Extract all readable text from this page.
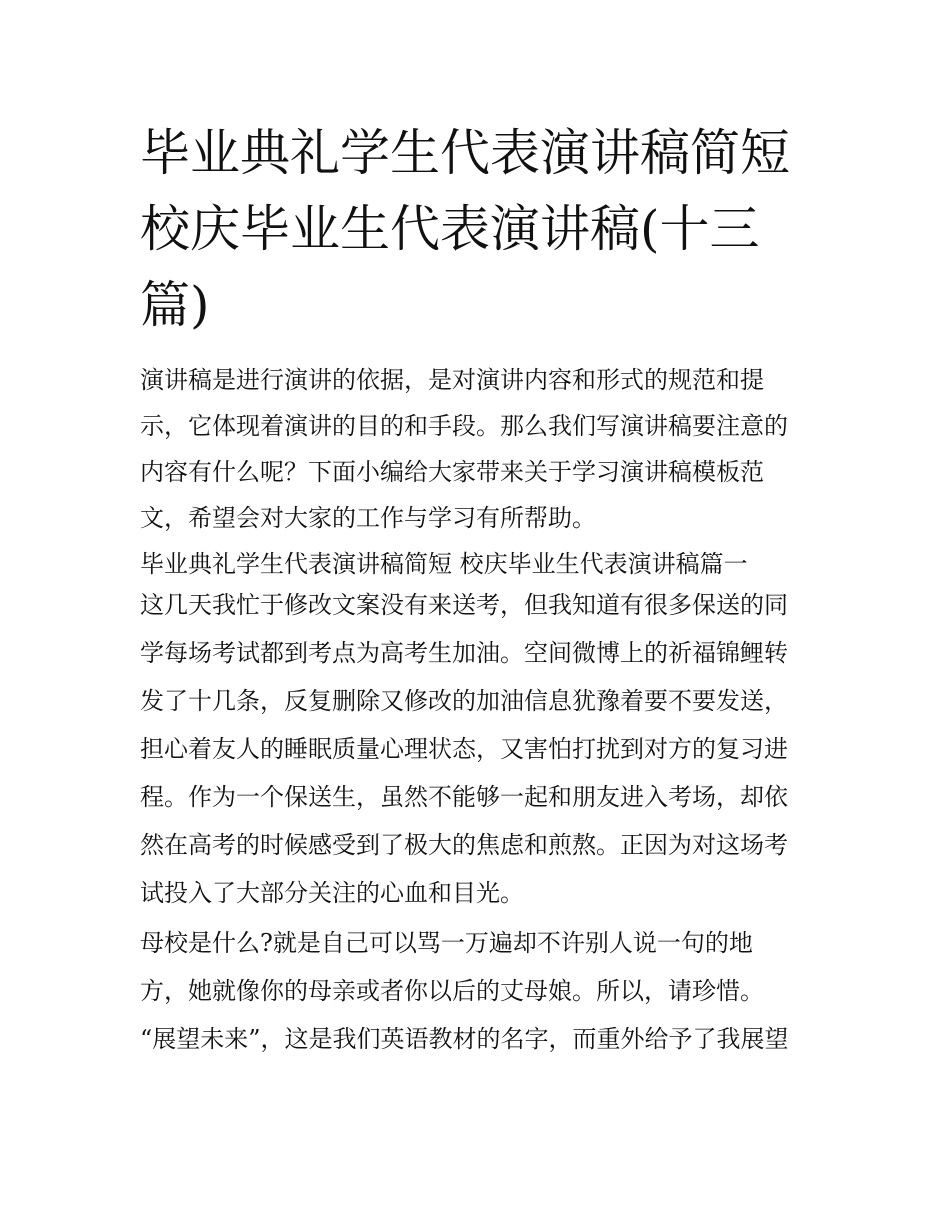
毕业典礼学生代表演讲稿简短
校庆毕业生代表演讲稿(十三
篇)

演讲稿是进行演讲的依据，是对演讲内容和形式的规范和提
示，它体现着演讲的目的和手段。那么我们写演讲稿要注意的
内容有什么呢？下面小编给大家带来关于学习演讲稿模板范
文，希望会对大家的工作与学习有所帮助。

毕业典礼学生代表演讲稿简短 校庆毕业生代表演讲稿篇一

这几天我忙于修改文案没有来送考，但我知道有很多保送的同
学每场考试都到考点为高考生加油。空间微博上的祈福锦鲤转
发了十几条，反复删除又修改的加油信息犹豫着要不要发送，
担心着友人的睡眠质量心理状态，又害怕打扰到对方的复习进
程。作为一个保送生，虽然不能够一起和朋友进入考场，却依
然在高考的时候感受到了极大的焦虑和煎熬。正因为对这场考
试投入了大部分关注的心血和目光。

母校是什么?就是自己可以骂一万遍却不许别人说一句的地
方，她就像你的母亲或者你以后的丈母娘。所以，请珍惜。
“展望未来”，这是我们英语教材的名字，而重外给予了我展望
